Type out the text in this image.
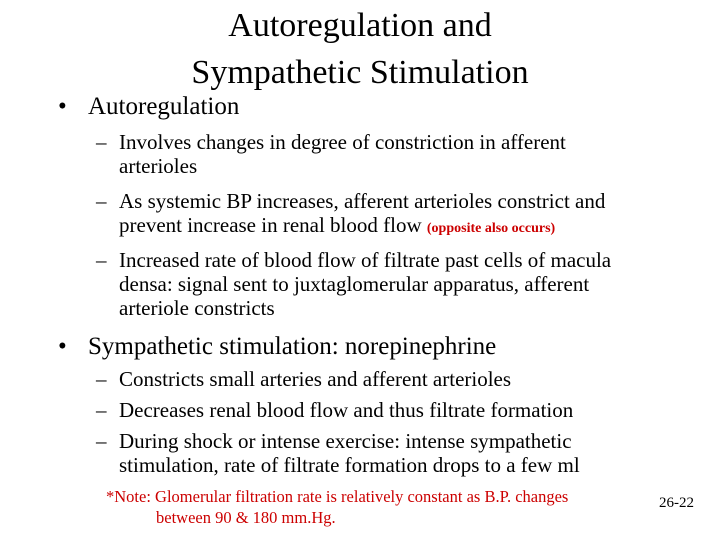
Autoregulation and
Sympathetic Stimulation
• Autoregulation
– Involves changes in degree of constriction in afferent
arterioles
– As systemic BP increases, afferent arterioles constrict and
prevent increase in renal blood flow (opposite also occurs)
– Increased rate of blood flow of filtrate past cells of macula
densa: signal sent to juxtaglomerular apparatus, afferent
arteriole constricts
• Sympathetic stimulation: norepinephrine
– Constricts small arteries and afferent arterioles
– Decreases renal blood flow and thus filtrate formation
– During shock or intense exercise: intense sympathetic
stimulation, rate of filtrate formation drops to a few ml
*Note: Glomerular filtration rate is relatively constant as B.P. changes
between 90 & 180 mm.Hg.
26-22
